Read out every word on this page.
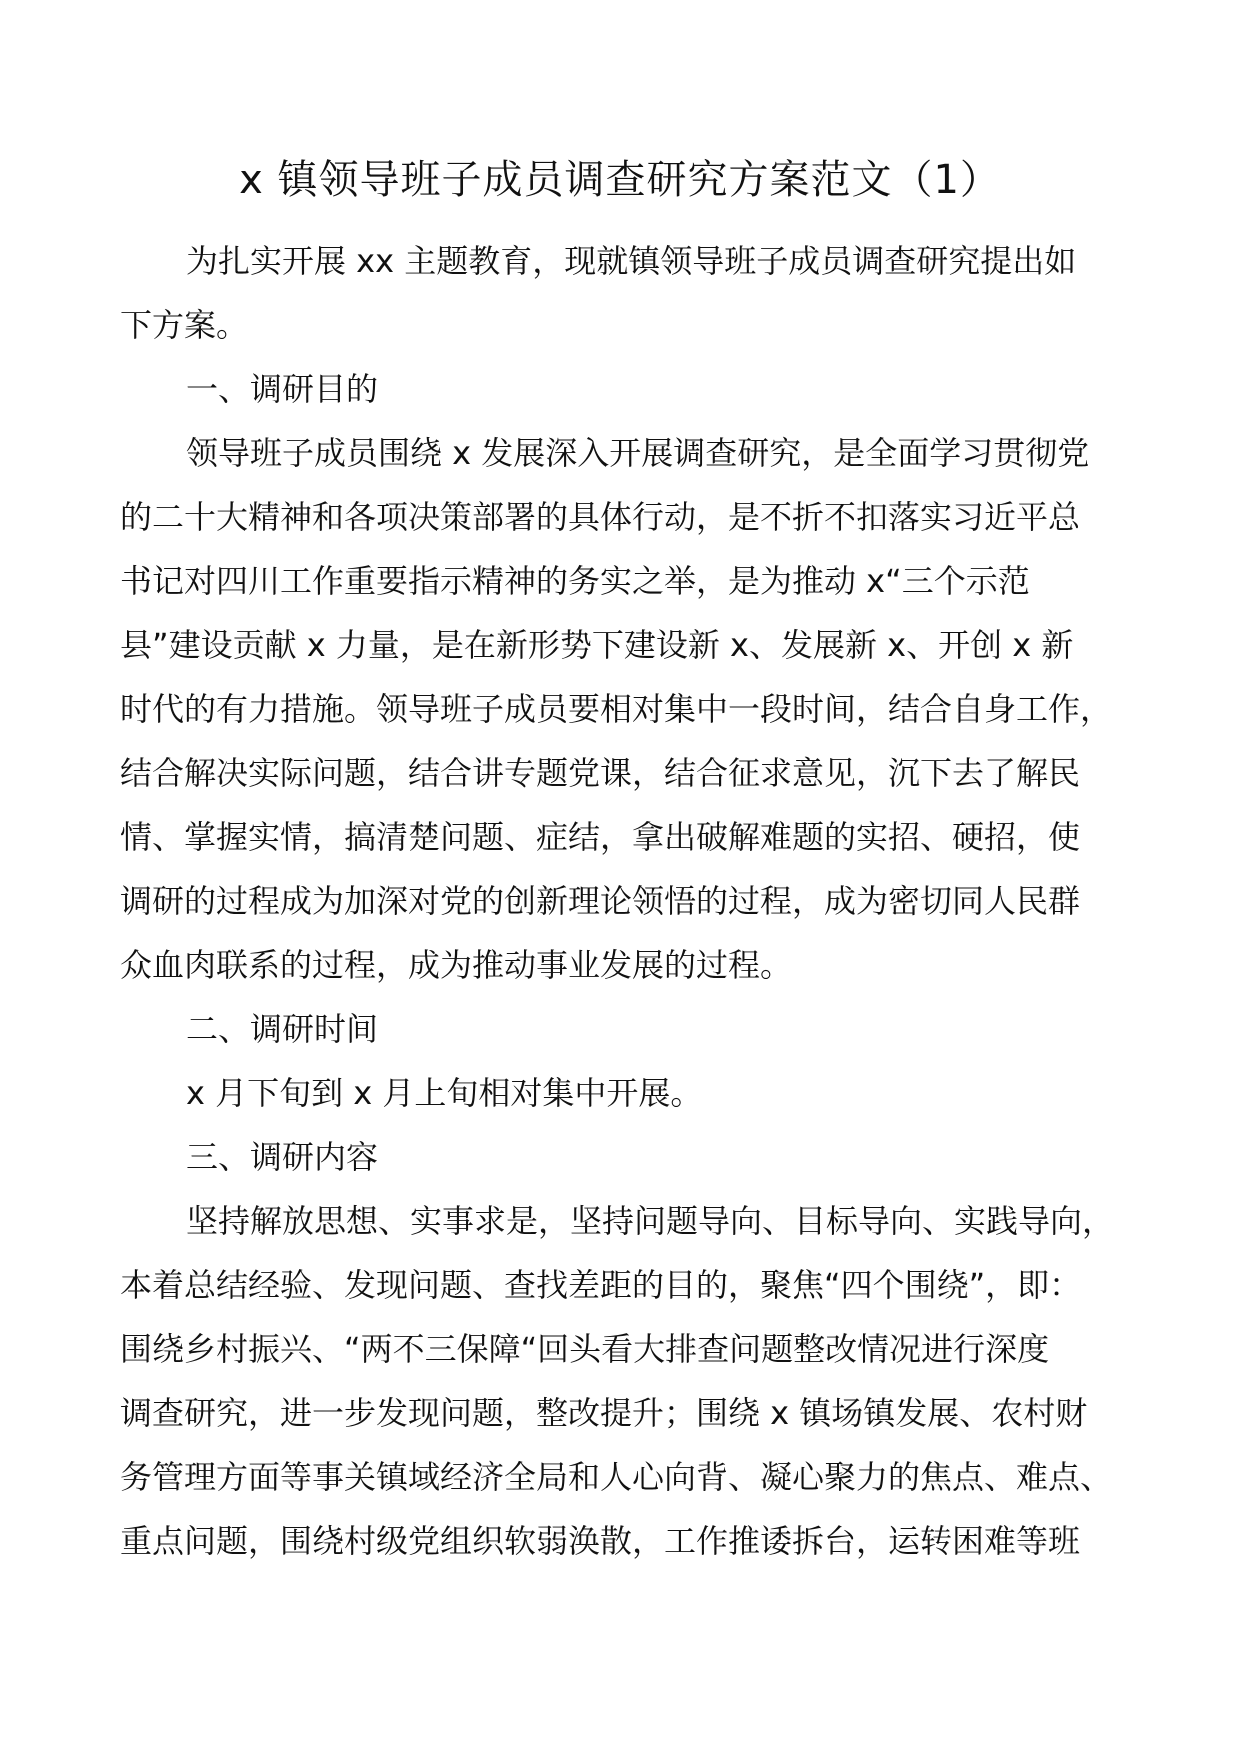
x 镇领导班子成员调查研究方案范文（1）
为扎实开展 xx 主题教育，现就镇领导班子成员调查研究提出如
下方案。
一、调研目的
领导班子成员围绕 x 发展深入开展调查研究，是全面学习贯彻党
的二十大精神和各项决策部署的具体行动，是不折不扣落实习近平总
书记对四川工作重要指示精神的务实之举，是为推动 x“三个示范
县”建设贡献 x 力量，是在新形势下建设新 x、发展新 x、开创 x 新
时代的有力措施。领导班子成员要相对集中一段时间，结合自身工作，
结合解决实际问题，结合讲专题党课，结合征求意见，沉下去了解民
情、掌握实情，搞清楚问题、症结，拿出破解难题的实招、硬招，使
调研的过程成为加深对党的创新理论领悟的过程，成为密切同人民群
众血肉联系的过程，成为推动事业发展的过程。
二、调研时间
x 月下旬到 x 月上旬相对集中开展。
三、调研内容
坚持解放思想、实事求是，坚持问题导向、目标导向、实践导向，
本着总结经验、发现问题、查找差距的目的，聚焦“四个围绕”，即：
围绕乡村振兴、“两不三保障“回头看大排查问题整改情况进行深度
调查研究，进一步发现问题，整改提升；围绕 x 镇场镇发展、农村财
务管理方面等事关镇域经济全局和人心向背、凝心聚力的焦点、难点、
重点问题，围绕村级党组织软弱涣散，工作推诿拆台，运转困难等班
